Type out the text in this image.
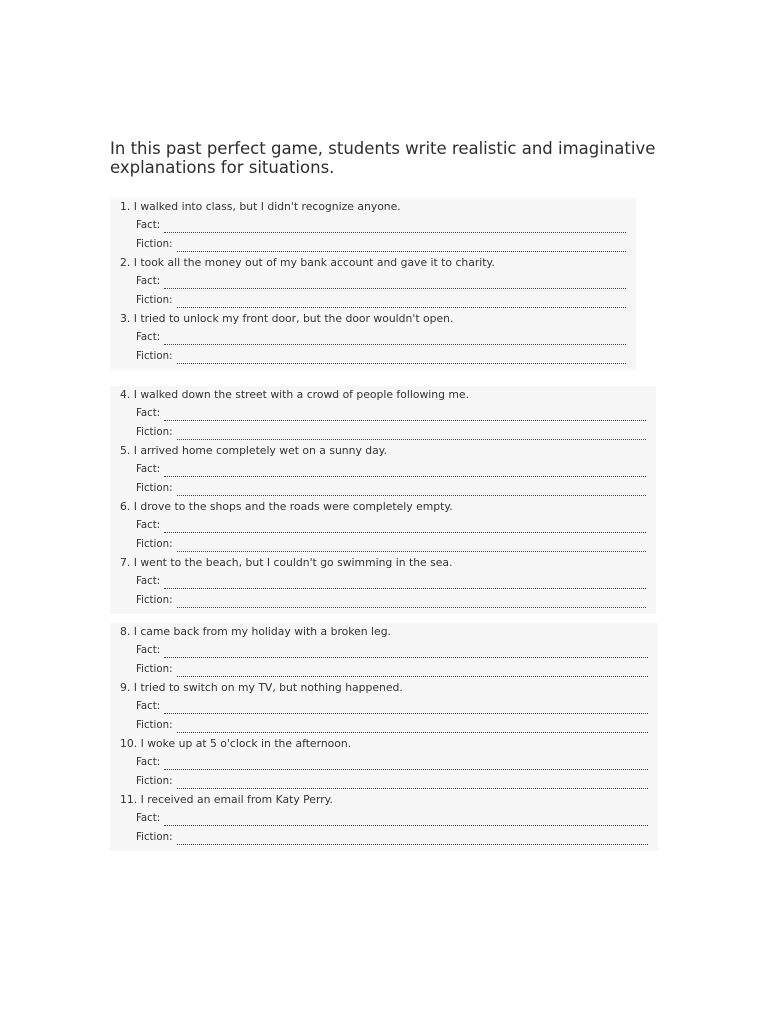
In this past perfect game, students write realistic and imaginative explanations for situations.
1. I walked into class, but I didn't recognize anyone.
Fact:
Fiction:
2. I took all the money out of my bank account and gave it to charity.
Fact:
Fiction:
3. I tried to unlock my front door, but the door wouldn't open.
Fact:
Fiction:
4. I walked down the street with a crowd of people following me.
Fact:
Fiction:
5. I arrived home completely wet on a sunny day.
Fact:
Fiction:
6. I drove to the shops and the roads were completely empty.
Fact:
Fiction:
7. I went to the beach, but I couldn't go swimming in the sea.
Fact:
Fiction:
8. I came back from my holiday with a broken leg.
Fact:
Fiction:
9. I tried to switch on my TV, but nothing happened.
Fact:
Fiction:
10. I woke up at 5 o'clock in the afternoon.
Fact:
Fiction:
11. I received an email from Katy Perry.
Fact:
Fiction:
